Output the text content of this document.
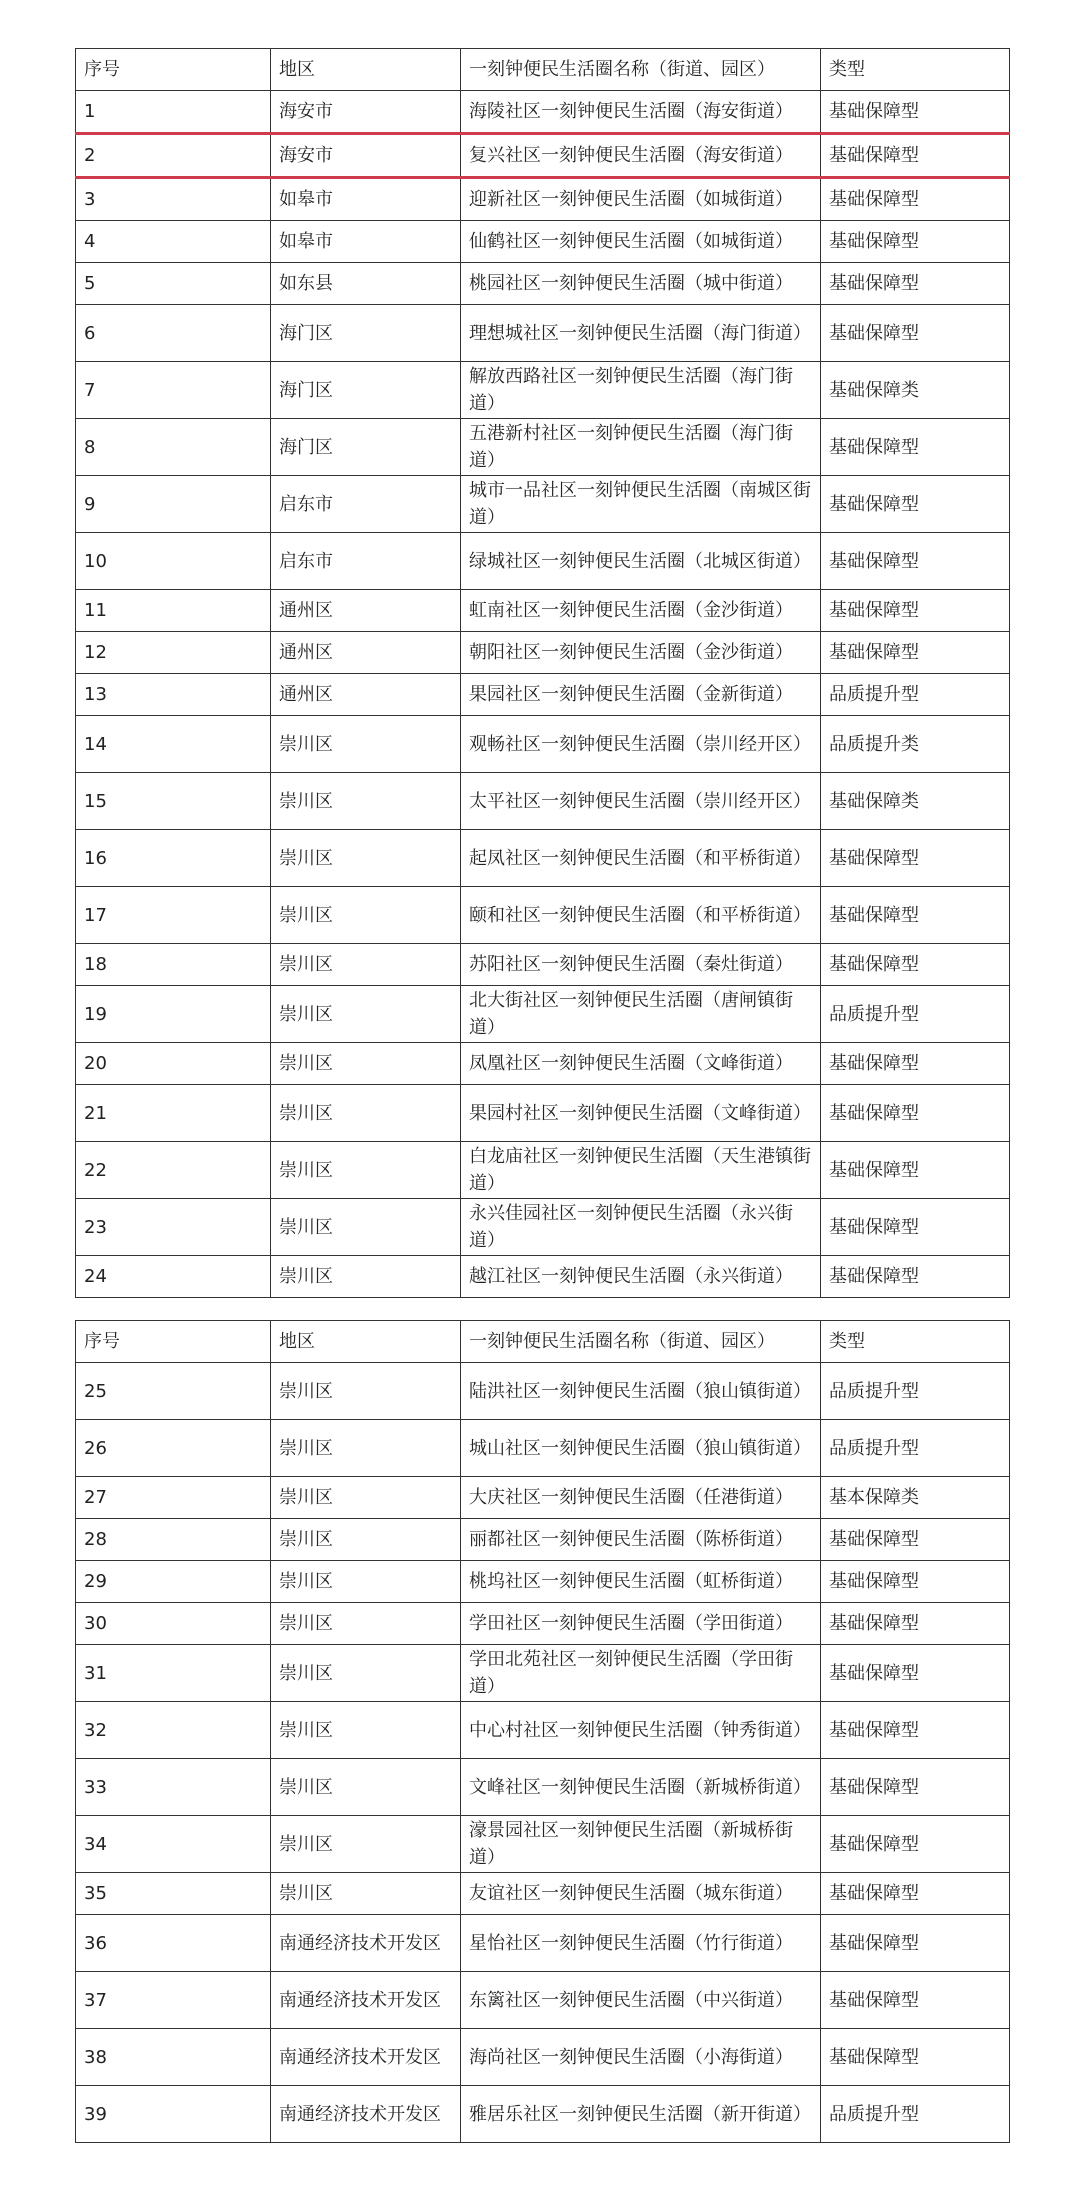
序号	地区	一刻钟便民生活圈名称（街道、园区）	类型
1	海安市	海陵社区一刻钟便民生活圈（海安街道）	基础保障型
2	海安市	复兴社区一刻钟便民生活圈（海安街道）	基础保障型
3	如皋市	迎新社区一刻钟便民生活圈（如城街道）	基础保障型
4	如皋市	仙鹤社区一刻钟便民生活圈（如城街道）	基础保障型
5	如东县	桃园社区一刻钟便民生活圈（城中街道）	基础保障型
6	海门区	理想城社区一刻钟便民生活圈（海门街道）	基础保障型
7	海门区	解放西路社区一刻钟便民生活圈（海门街道）	基础保障类
8	海门区	五港新村社区一刻钟便民生活圈（海门街道）	基础保障型
9	启东市	城市一品社区一刻钟便民生活圈（南城区街道）	基础保障型
10	启东市	绿城社区一刻钟便民生活圈（北城区街道）	基础保障型
11	通州区	虹南社区一刻钟便民生活圈（金沙街道）	基础保障型
12	通州区	朝阳社区一刻钟便民生活圈（金沙街道）	基础保障型
13	通州区	果园社区一刻钟便民生活圈（金新街道）	品质提升型
14	崇川区	观畅社区一刻钟便民生活圈（崇川经开区）	品质提升类
15	崇川区	太平社区一刻钟便民生活圈（崇川经开区）	基础保障类
16	崇川区	起凤社区一刻钟便民生活圈（和平桥街道）	基础保障型
17	崇川区	颐和社区一刻钟便民生活圈（和平桥街道）	基础保障型
18	崇川区	苏阳社区一刻钟便民生活圈（秦灶街道）	基础保障型
19	崇川区	北大街社区一刻钟便民生活圈（唐闸镇街道）	品质提升型
20	崇川区	凤凰社区一刻钟便民生活圈（文峰街道）	基础保障型
21	崇川区	果园村社区一刻钟便民生活圈（文峰街道）	基础保障型
22	崇川区	白龙庙社区一刻钟便民生活圈（天生港镇街道）	基础保障型
23	崇川区	永兴佳园社区一刻钟便民生活圈（永兴街道）	基础保障型
24	崇川区	越江社区一刻钟便民生活圈（永兴街道）	基础保障型
序号	地区	一刻钟便民生活圈名称（街道、园区）	类型
25	崇川区	陆洪社区一刻钟便民生活圈（狼山镇街道）	品质提升型
26	崇川区	城山社区一刻钟便民生活圈（狼山镇街道）	品质提升型
27	崇川区	大庆社区一刻钟便民生活圈（任港街道）	基本保障类
28	崇川区	丽都社区一刻钟便民生活圈（陈桥街道）	基础保障型
29	崇川区	桃坞社区一刻钟便民生活圈（虹桥街道）	基础保障型
30	崇川区	学田社区一刻钟便民生活圈（学田街道）	基础保障型
31	崇川区	学田北苑社区一刻钟便民生活圈（学田街道）	基础保障型
32	崇川区	中心村社区一刻钟便民生活圈（钟秀街道）	基础保障型
33	崇川区	文峰社区一刻钟便民生活圈（新城桥街道）	基础保障型
34	崇川区	濠景园社区一刻钟便民生活圈（新城桥街道）	基础保障型
35	崇川区	友谊社区一刻钟便民生活圈（城东街道）	基础保障型
36	南通经济技术开发区	星怡社区一刻钟便民生活圈（竹行街道）	基础保障型
37	南通经济技术开发区	东篱社区一刻钟便民生活圈（中兴街道）	基础保障型
38	南通经济技术开发区	海尚社区一刻钟便民生活圈（小海街道）	基础保障型
39	南通经济技术开发区	雅居乐社区一刻钟便民生活圈（新开街道）	品质提升型
